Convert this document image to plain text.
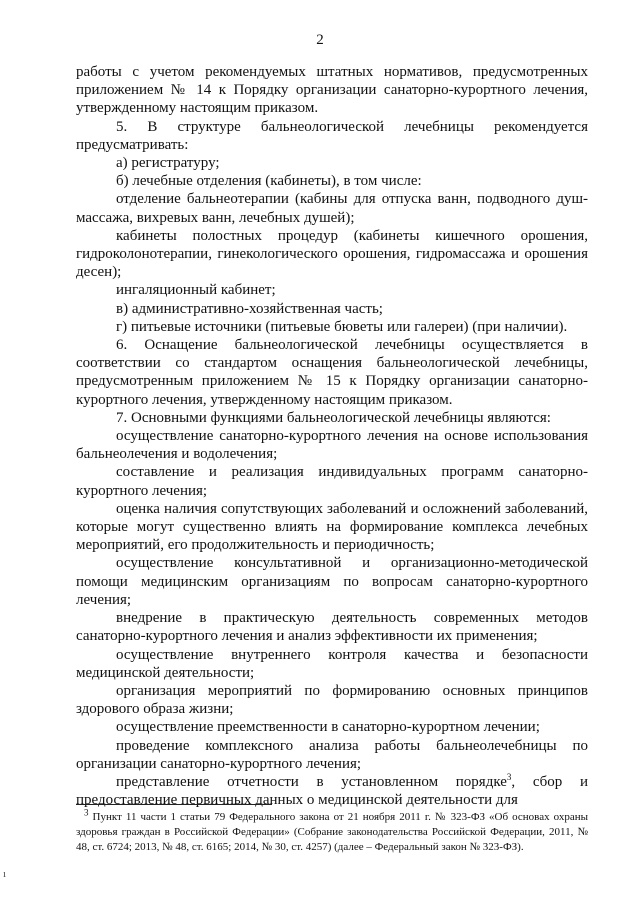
2

работы с учетом рекомендуемых штатных нормативов, предусмотренных приложением № 14 к Порядку организации санаторно-курортного лечения, утвержденному настоящим приказом.

5. В структуре бальнеологической лечебницы рекомендуется предусматривать:

а) регистратуру;

б) лечебные отделения (кабинеты), в том числе:

отделение бальнеотерапии (кабины для отпуска ванн, подводного душ-массажа, вихревых ванн, лечебных душей);

кабинеты полостных процедур (кабинеты кишечного орошения, гидроколонотерапии, гинекологического орошения, гидромассажа и орошения десен);

ингаляционный кабинет;

в) административно-хозяйственная часть;

г) питьевые источники (питьевые бюветы или галереи) (при наличии).

6. Оснащение бальнеологической лечебницы осуществляется в соответствии со стандартом оснащения бальнеологической лечебницы, предусмотренным приложением № 15 к Порядку организации санаторно-курортного лечения, утвержденному настоящим приказом.

7. Основными функциями бальнеологической лечебницы являются:

осуществление санаторно-курортного лечения на основе использования бальнеолечения и водолечения;

составление и реализация индивидуальных программ санаторно-курортного лечения;

оценка наличия сопутствующих заболеваний и осложнений заболеваний, которые могут существенно влиять на формирование комплекса лечебных мероприятий, его продолжительность и периодичность;

осуществление консультативной и организационно-методической помощи медицинским организациям по вопросам санаторно-курортного лечения;

внедрение в практическую деятельность современных методов санаторно-курортного лечения и анализ эффективности их применения;

осуществление внутреннего контроля качества и безопасности медицинской деятельности;

организация мероприятий по формированию основных принципов здорового образа жизни;

осуществление преемственности в санаторно-курортном лечении;

проведение комплексного анализа работы бальнеолечебницы по организации санаторно-курортного лечения;

представление отчетности в установленном порядке$^3$, сбор и предоставление первичных данных о медицинской деятельности для

$^3$ Пункт 11 части 1 статьи 79 Федерального закона от 21 ноября 2011 г. № 323-ФЗ «Об основах охраны здоровья граждан в Российской Федерации» (Собрание законодательства Российской Федерации, 2011, № 48, ст. 6724; 2013, № 48, ст. 6165; 2014, № 30, ст. 4257) (далее – Федеральный закон № 323-ФЗ).
ı
